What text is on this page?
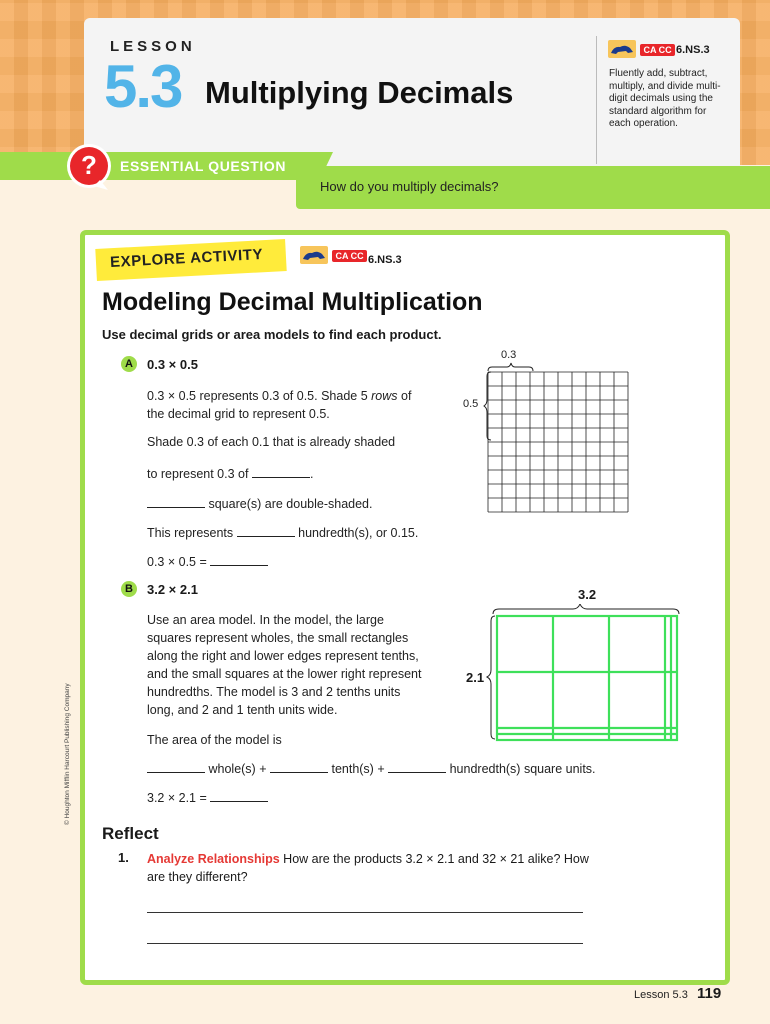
LESSON
5.3 Multiplying Decimals
CA CC 6.NS.3
Fluently add, subtract, multiply, and divide multi-digit decimals using the standard algorithm for each operation.
? ESSENTIAL QUESTION
How do you multiply decimals?
EXPLORE ACTIVITY	CA CC 6.NS.3
Modeling Decimal Multiplication
Use decimal grids or area models to find each product.
A	0.3 × 0.5
0.3 × 0.5 represents 0.3 of 0.5. Shade 5 rows of
the decimal grid to represent 0.5.
Shade 0.3 of each 0.1 that is already shaded
to represent 0.3 of	.
square(s) are double-shaded.
This represents	hundredth(s), or 0.15.
0.3 × 0.5 =
0.3
0.5
B	3.2 × 2.1
Use an area model. In the model, the large
squares represent wholes, the small rectangles
along the right and lower edges represent tenths,
and the small squares at the lower right represent
hundredths. The model is 3 and 2 tenths units
long, and 2 and 1 tenth units wide.
The area of the model is
whole(s) +	tenth(s) +	hundredth(s) square units.
3.2 × 2.1 =
3.2
2.1
Reflect
1. Analyze Relationships How are the products 3.2 × 2.1 and 32 × 21 alike? How are they different?
© Houghton Mifflin Harcourt Publishing Company
Lesson 5.3 119
